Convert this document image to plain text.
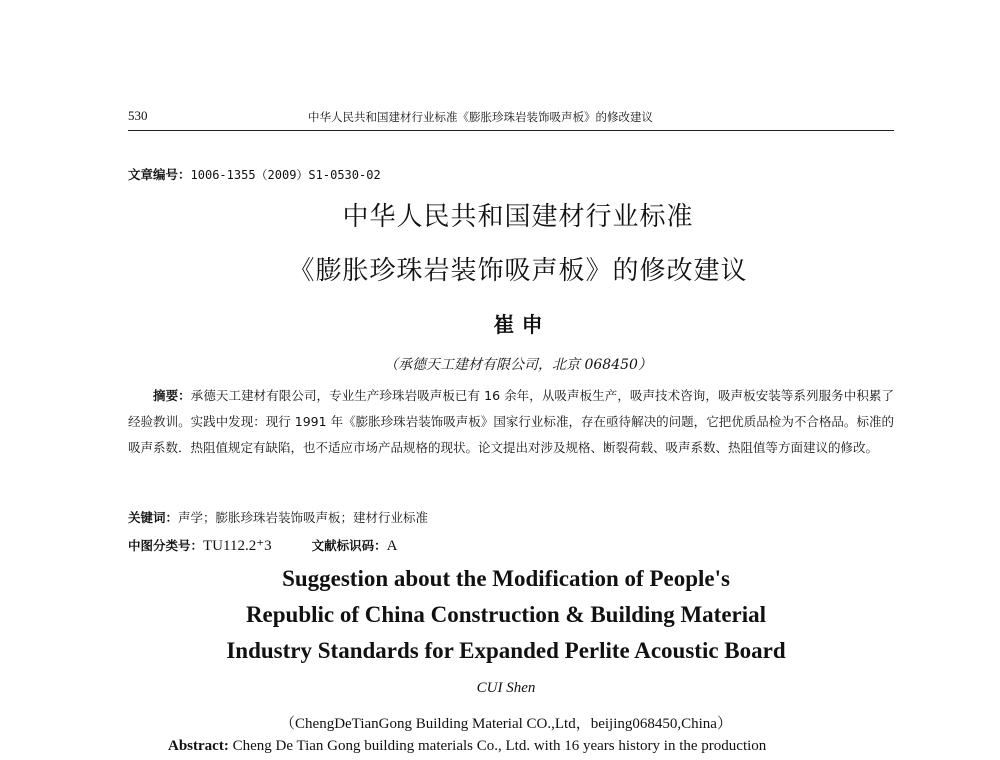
530	中华人民共和国建材行业标准《膨胀珍珠岩装饰吸声板》的修改建议
文章编号：1006-1355（2009）S1-0530-02
中华人民共和国建材行业标准
《膨胀珍珠岩装饰吸声板》的修改建议
崔 申
（承德天工建材有限公司，北京 068450）

摘要：承德天工建材有限公司，专业生产珍珠岩吸声板已有 16 余年，从吸声板生产，吸声技术咨询，吸声板安装等系列服务中积累了经验教训。实践中发现：现行 1991 年《膨胀珍珠岩装饰吸声板》国家行业标准，存在亟待解决的问题，它把优质品检为不合格品。标准的吸声系数．热阻值规定有缺陷，也不适应市场产品规格的现状。论文提出对涉及规格、断裂荷载、吸声系数、热阻值等方面建议的修改。

关键词：声学；膨胀珍珠岩装饰吸声板；建材行业标准
中图分类号：TU112.2⁺3	文献标识码：A
Suggestion about the Modification of People's
Republic of China Construction & Building Material
Industry Standards for Expanded Perlite Acoustic Board
CUI Shen
（ChengDeTianGong Building Material CO.,Ltd，beijing068450,China）
Abstract: Cheng De Tian Gong building materials Co., Ltd. with 16 years history in the production
